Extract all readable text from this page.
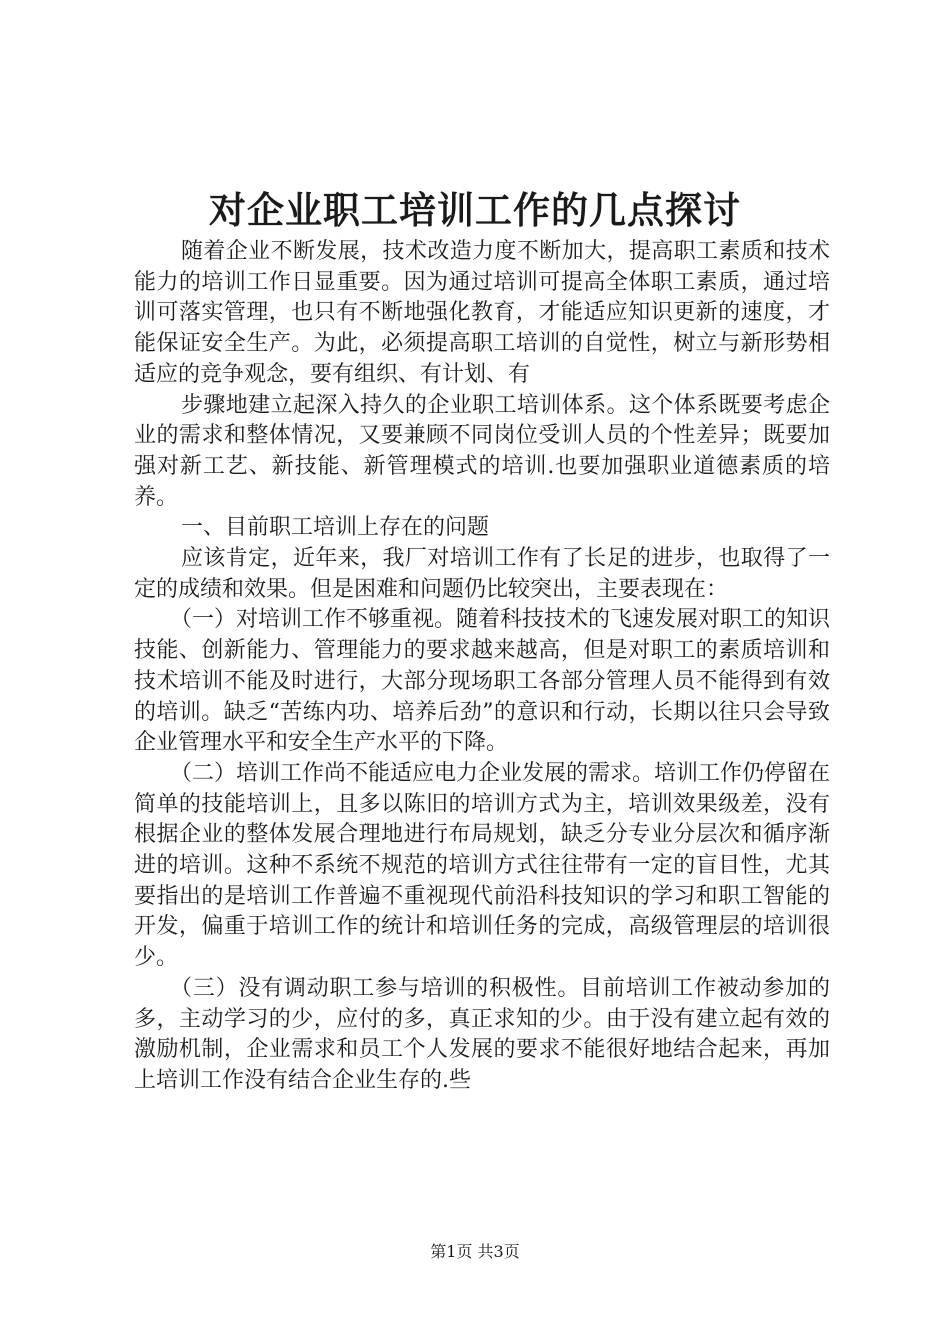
对企业职工培训工作的几点探讨

随着企业不断发展，技术改造力度不断加大，提高职工素质和技术能力的培训工作日显重要。因为通过培训可提高全体职工素质，通过培训可落实管理，也只有不断地强化教育，才能适应知识更新的速度，才能保证安全生产。为此，必须提高职工培训的自觉性，树立与新形势相适应的竞争观念，要有组织、有计划、有

步骤地建立起深入持久的企业职工培训体系。这个体系既要考虑企业的需求和整体情况，又要兼顾不同岗位受训人员的个性差异；既要加强对新工艺、新技能、新管理模式的培训.也要加强职业道德素质的培养。

一、目前职工培训上存在的问题

应该肯定，近年来，我厂对培训工作有了长足的进步，也取得了一定的成绩和效果。但是困难和问题仍比较突出，主要表现在：

（一）对培训工作不够重视。随着科技技术的飞速发展对职工的知识技能、创新能力、管理能力的要求越来越高，但是对职工的素质培训和技术培训不能及时进行，大部分现场职工各部分管理人员不能得到有效的培训。缺乏“苦练内功、培养后劲”的意识和行动，长期以往只会导致企业管理水平和安全生产水平的下降。

（二）培训工作尚不能适应电力企业发展的需求。培训工作仍停留在简单的技能培训上，且多以陈旧的培训方式为主，培训效果级差，没有根据企业的整体发展合理地进行布局规划，缺乏分专业分层次和循序渐进的培训。这种不系统不规范的培训方式往往带有一定的盲目性，尤其要指出的是培训工作普遍不重视现代前沿科技知识的学习和职工智能的开发，偏重于培训工作的统计和培训任务的完成，高级管理层的培训很少。

（三）没有调动职工参与培训的积极性。目前培训工作被动参加的多，主动学习的少，应付的多，真正求知的少。由于没有建立起有效的激励机制，企业需求和员工个人发展的要求不能很好地结合起来，再加上培训工作没有结合企业生存的.些

第1页 共3页
